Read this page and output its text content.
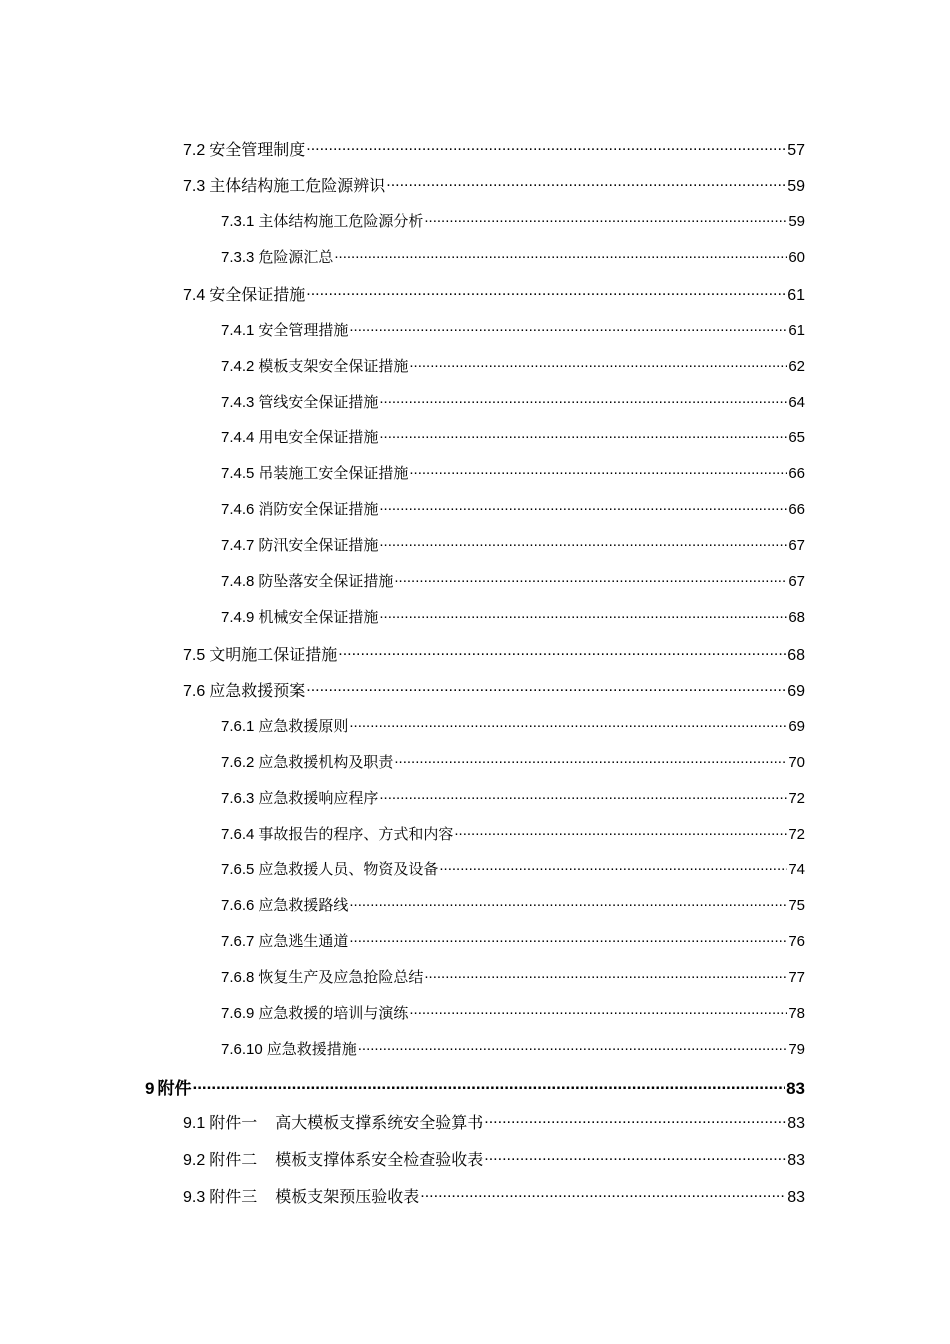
7.2 安全管理制度 .....	57
7.3 主体结构施工危险源辨识 .....	59
7.3.1 主体结构施工危险源分析 .....	59
7.3.3 危险源汇总 .....	60
7.4 安全保证措施 .....	61
7.4.1 安全管理措施 .....	61
7.4.2 模板支架安全保证措施 .....	62
7.4.3 管线安全保证措施 .....	64
7.4.4 用电安全保证措施 .....	65
7.4.5 吊装施工安全保证措施 .....	66
7.4.6 消防安全保证措施 .....	66
7.4.7 防汛安全保证措施 .....	67
7.4.8 防坠落安全保证措施 .....	67
7.4.9 机械安全保证措施 .....	68
7.5 文明施工保证措施 .....	68
7.6 应急救援预案 .....	69
7.6.1 应急救援原则 .....	69
7.6.2 应急救援机构及职责 .....	70
7.6.3 应急救援响应程序 .....	72
7.6.4 事故报告的程序、方式和内容 .....	72
7.6.5 应急救援人员、物资及设备 .....	74
7.6.6 应急救援路线 .....	75
7.6.7 应急逃生通道 .....	76
7.6.8 恢复生产及应急抢险总结 .....	77
7.6.9 应急救援的培训与演练 .....	78
7.6.10 应急救援措施 .....	79
9 附件 .....	83
9.1 附件一 高大模板支撑系统安全验算书 .....	83
9.2 附件二 模板支撑体系安全检查验收表 .....	83
9.3 附件三 模板支架预压验收表 .....	83
